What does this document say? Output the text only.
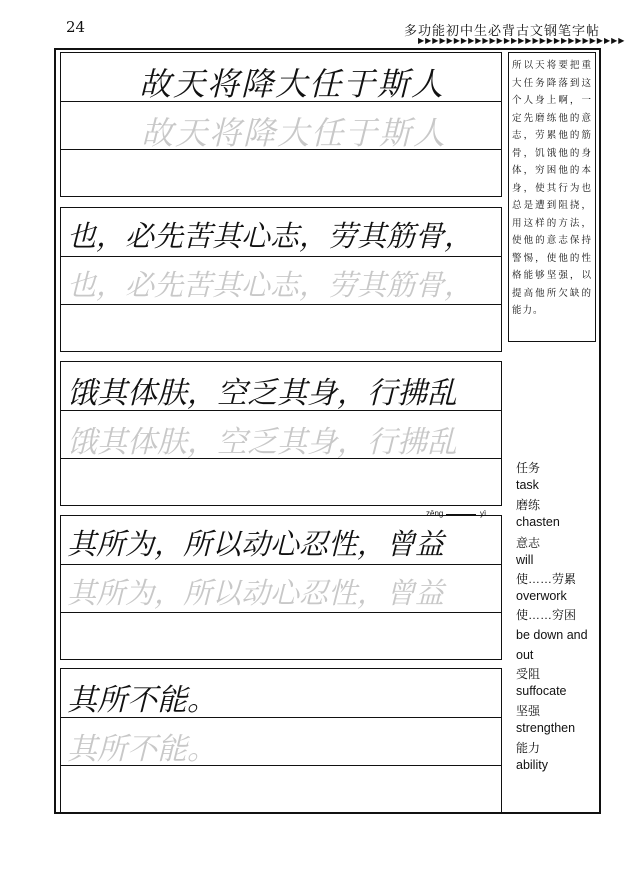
24	多功能初中生必背古文钢笔字帖
▶▶▶▶▶▶▶▶▶▶▶▶▶▶▶▶▶▶▶▶▶▶▶▶▶▶▶▶▶
故天将降大任于斯人
故天将降大任于斯人
也，必先苦其心志，劳其筋骨，
也，必先苦其心志，劳其筋骨，
饿其体肤，空乏其身，行拂乱
饿其体肤，空乏其身，行拂乱
zēng	yì
其所为，所以动心忍性，曾益
其所为，所以动心忍性，曾益
其所不能。
其所不能。
所以天将要把重大任务降落到这个人身上啊，一定先磨练他的意志，劳累他的筋骨，饥饿他的身体，穷困他的本身，使其行为也总是遭到阻挠，用这样的方法，使他的意志保持警惕，使他的性格能够坚强，以提高他所欠缺的能力。
任务
task
磨练
chasten
意志
will
使……劳累
overwork
使……穷困
be down and out
受阻
suffocate
坚强
strengthen
能力
ability
